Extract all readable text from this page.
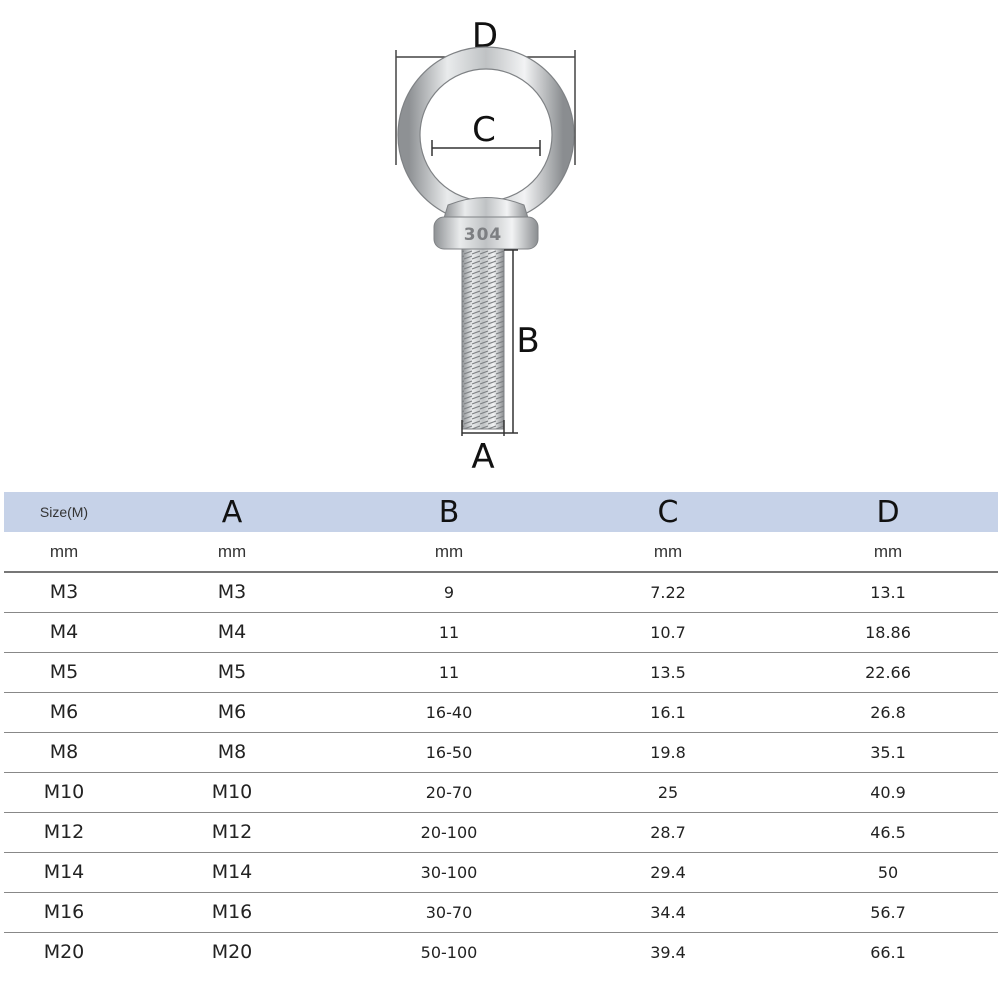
D
C
304
B
A
Size(M)	A	B	C	D
mm	mm	mm	mm	mm
M3	M3	9	7.22	13.1
M4	M4	11	10.7	18.86
M5	M5	11	13.5	22.66
M6	M6	16-40	16.1	26.8
M8	M8	16-50	19.8	35.1
M10	M10	20-70	25	40.9
M12	M12	20-100	28.7	46.5
M14	M14	30-100	29.4	50
M16	M16	30-70	34.4	56.7
M20	M20	50-100	39.4	66.1
